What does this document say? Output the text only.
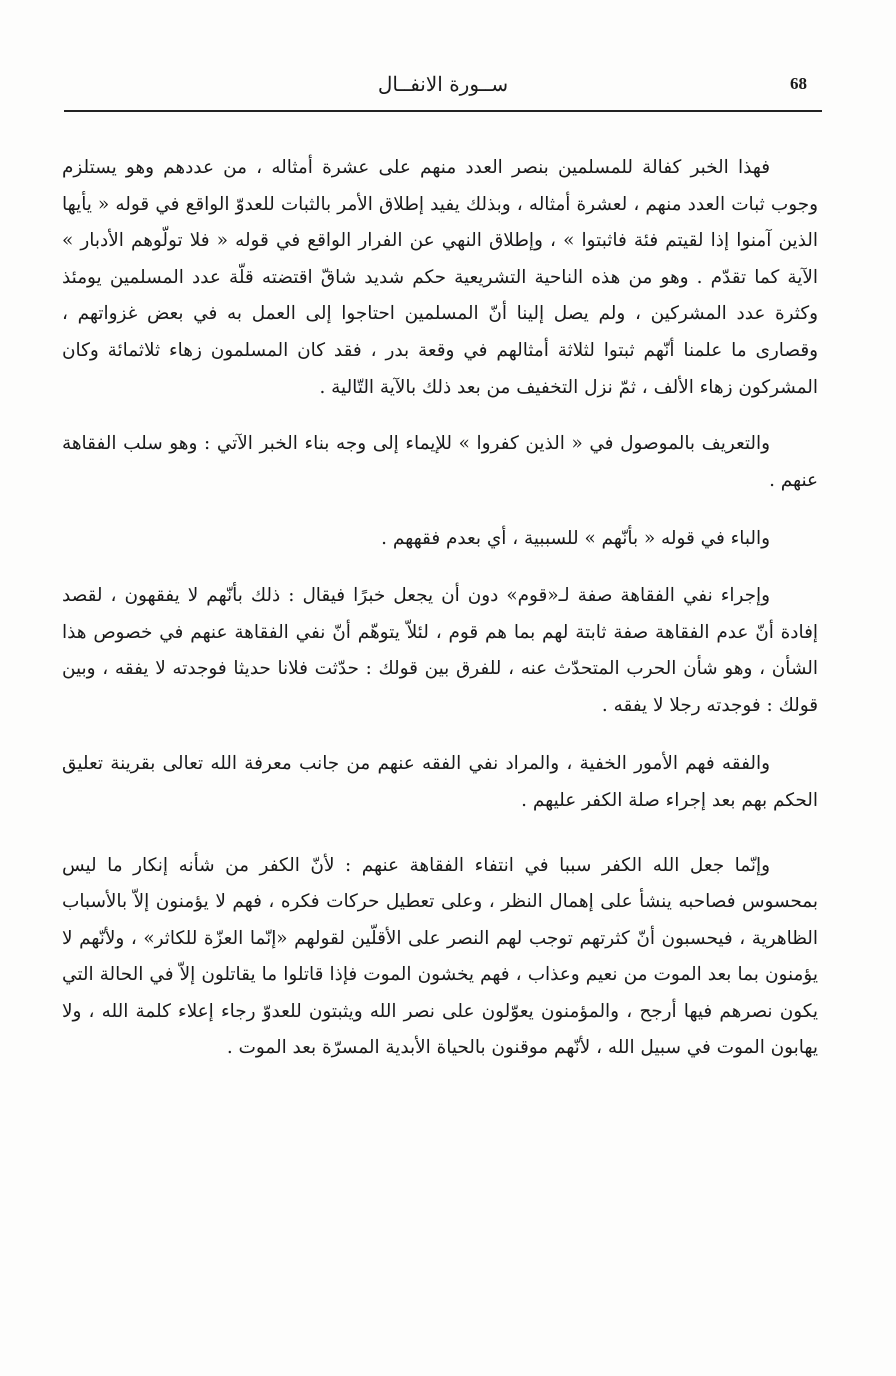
68
ســورة الانفــال

فهذا الخبر كفالة للمسلمين بنصر العدد منهم على عشرة أمثاله ، من عددهم وهو يستلزم وجوب ثبات العدد منهم ، لعشرة أمثاله ، وبذلك يفيد إطلاق الأمر بالثبات للعدوّ الواقع في قوله « يأيها الذين آمنوا إذا لقيتم فئة فاثبتوا » ، وإطلاق النهي عن الفرار الواقع في قوله « فلا تولّوهم الأدبار » الآية كما تقدّم . وهو من هذه الناحية التشريعية حكم شديد شاقّ اقتضته قلّة عدد المسلمين يومئذ وكثرة عدد المشركين ، ولم يصل إلينا أنّ المسلمين احتاجوا إلى العمل به في بعض غزواتهم ، وقصارى ما علمنا أنّهم ثبتوا لثلاثة أمثالهم في وقعة بدر ، فقد كان المسلمون زهاء ثلاثمائة وكان المشركون زهاء الألف ، ثمّ نزل التخفيف من بعد ذلك بالآية التّالية .

والتعريف بالموصول في « الذين كفروا » للإيماء إلى وجه بناء الخبر الآتي : وهو سلب الفقاهة عنهم .

والباء في قوله « بأنّهم » للسببية ، أي بعدم فقههم .

وإجراء نفي الفقاهة صفة لـ«قوم» دون أن يجعل خبرًا فيقال : ذلك بأنّهم لا يفقهون ، لقصد إفادة أنّ عدم الفقاهة صفة ثابتة لهم بما هم قوم ، لئلاّ يتوهّم أنّ نفي الفقاهة عنهم في خصوص هذا الشأن ، وهو شأن الحرب المتحدّث عنه ، للفرق بين قولك : حدّثت فلانا حديثا فوجدته لا يفقه ، وبين قولك : فوجدته رجلا لا يفقه .

والفقه فهم الأمور الخفية ، والمراد نفي الفقه عنهم من جانب معرفة الله تعالى بقرينة تعليق الحكم بهم بعد إجراء صلة الكفر عليهم .

وإنّما جعل الله الكفر سببا في انتفاء الفقاهة عنهم : لأنّ الكفر من شأنه إنكار ما ليس بمحسوس فصاحبه ينشأ على إهمال النظر ، وعلى تعطيل حركات فكره ، فهم لا يؤمنون إلاّ بالأسباب الظاهرية ، فيحسبون أنّ كثرتهم توجب لهم النصر على الأقلّين لقولهم «إنّما العزّة للكاثر» ، ولأنّهم لا يؤمنون بما بعد الموت من نعيم وعذاب ، فهم يخشون الموت فإذا قاتلوا ما يقاتلون إلاّ في الحالة التي يكون نصرهم فيها أرجح ، والمؤمنون يعوّلون على نصر الله ويثبتون للعدوّ رجاء إعلاء كلمة الله ، ولا يهابون الموت في سبيل الله ، لأنّهم موقنون بالحياة الأبدية المسرّة بعد الموت .
